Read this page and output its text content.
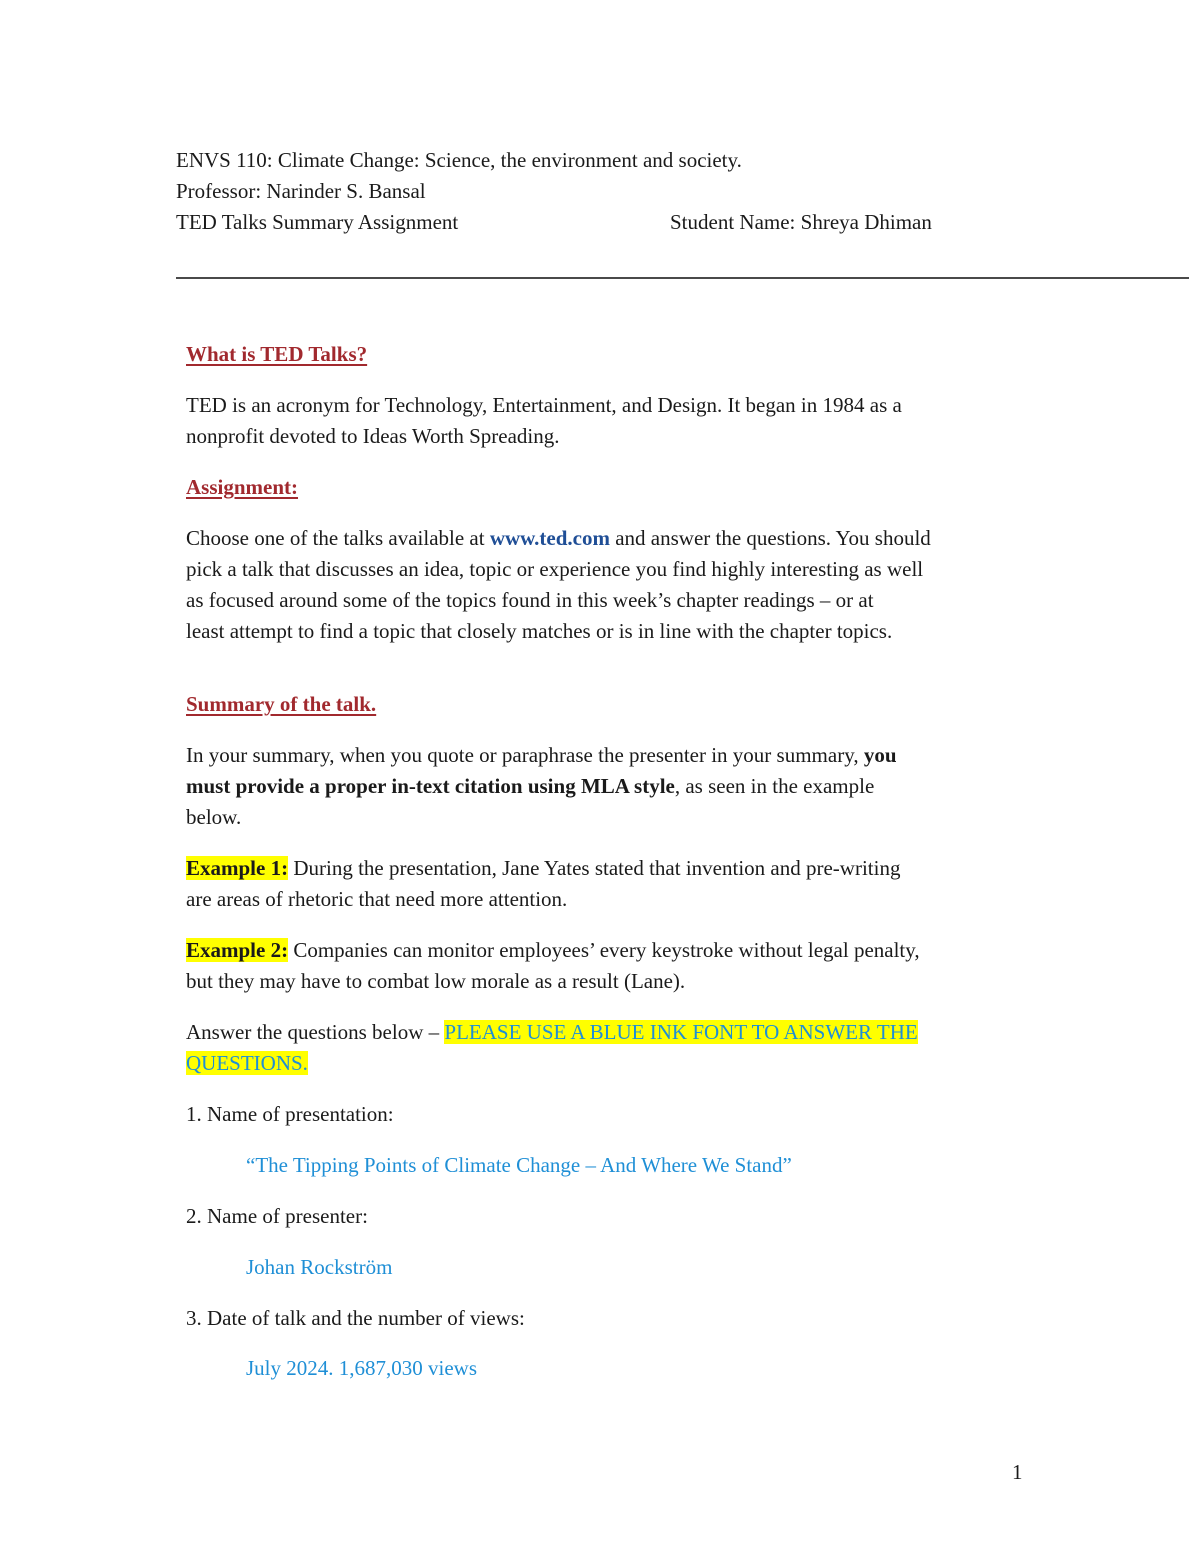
ENVS 110: Climate Change: Science, the environment and society.
Professor: Narinder S. Bansal
TED Talks Summary Assignment	Student Name: Shreya Dhiman
What is TED Talks?
TED is an acronym for Technology, Entertainment, and Design. It began in 1984 as a
nonprofit devoted to Ideas Worth Spreading.
Assignment:
Choose one of the talks available at www.ted.com and answer the questions. You should
pick a talk that discusses an idea, topic or experience you find highly interesting as well
as focused around some of the topics found in this week’s chapter readings – or at
least attempt to find a topic that closely matches or is in line with the chapter topics.
Summary of the talk.
In your summary, when you quote or paraphrase the presenter in your summary, you
must provide a proper in-text citation using MLA style, as seen in the example
below.
Example 1: During the presentation, Jane Yates stated that invention and pre-writing
are areas of rhetoric that need more attention.
Example 2: Companies can monitor employees’ every keystroke without legal penalty,
but they may have to combat low morale as a result (Lane).
Answer the questions below – PLEASE USE A BLUE INK FONT TO ANSWER THE
QUESTIONS.
1. Name of presentation:
“The Tipping Points of Climate Change – And Where We Stand”
2. Name of presenter:
Johan Rockström
3. Date of talk and the number of views:
July 2024. 1,687,030 views
1
